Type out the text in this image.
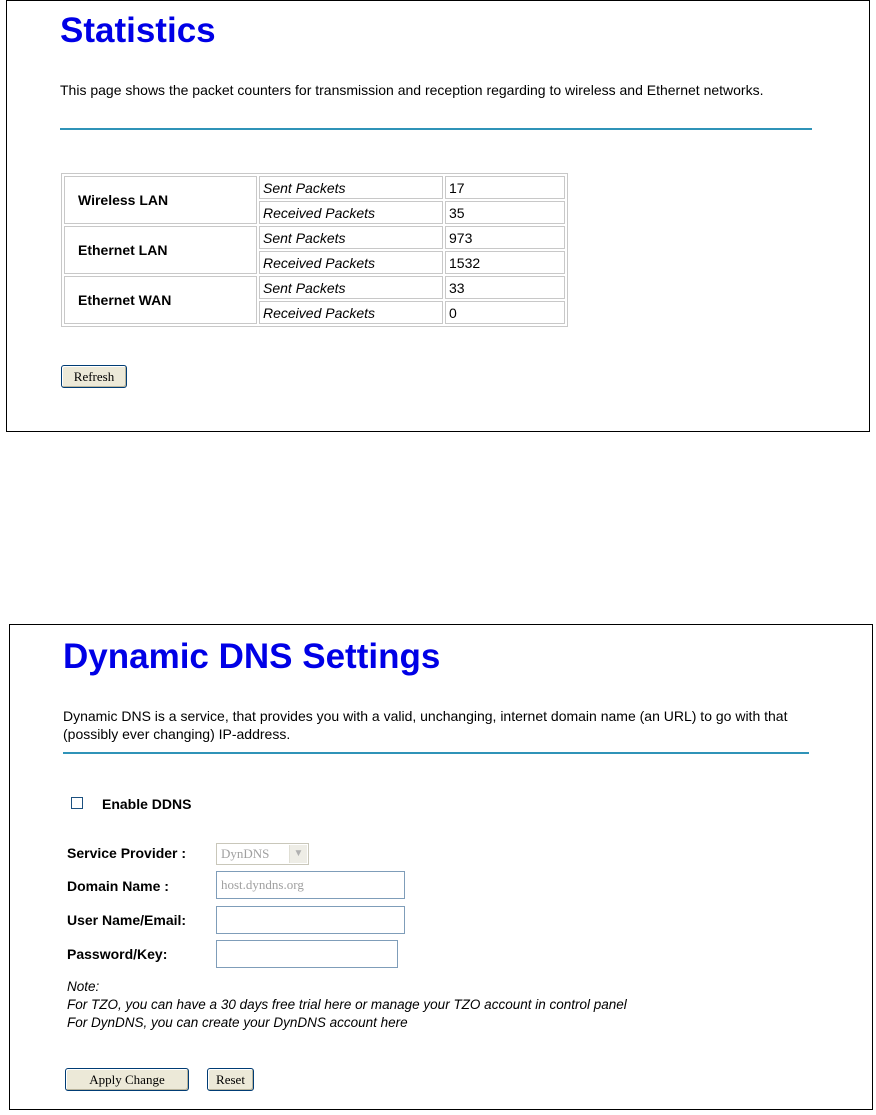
Statistics

This page shows the packet counters for transmission and reception regarding to wireless and Ethernet networks.

Wireless LAN	Sent Packets	17
	Received Packets	35
Ethernet LAN	Sent Packets	973
	Received Packets	1532
Ethernet WAN	Sent Packets	33
	Received Packets	0
Refresh
Dynamic DNS Settings

Dynamic DNS is a service, that provides you with a valid, unchanging, internet domain name (an URL) to go with that (possibly ever changing) IP-address.

Enable DDNS
Service Provider :	DynDNS	▼
Domain Name :
host.dyndns.org
User Name/Email:
Password/Key:
Note:
For TZO, you can have a 30 days free trial here or manage your TZO account in control panel
For DynDNS, you can create your DynDNS account here
Apply Change	Reset
